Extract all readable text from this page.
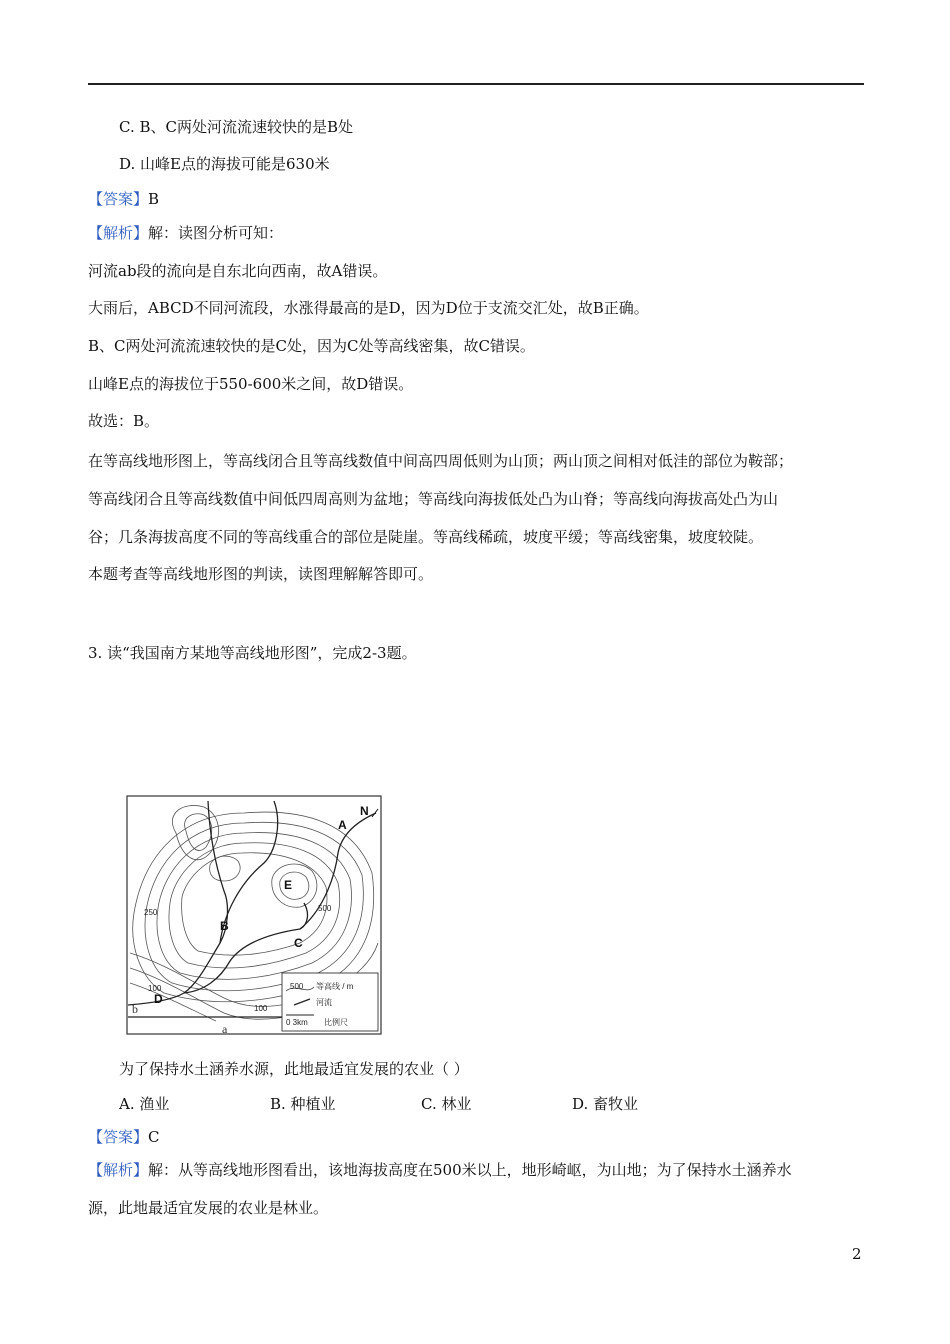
C. B、C两处河流流速较快的是B处
D. 山峰E点的海拔可能是630米
【答案】B
【解析】解：读图分析可知：
河流ab段的流向是自东北向西南，故A错误。
大雨后，ABCD不同河流段，水涨得最高的是D，因为D位于支流交汇处，故B正确。
B、C两处河流流速较快的是C处，因为C处等高线密集，故C错误。
山峰E点的海拔位于550-600米之间，故D错误。
故选：B。
在等高线地形图上，等高线闭合且等高线数值中间高四周低则为山顶；两山顶之间相对低洼的部位为鞍部；
等高线闭合且等高线数值中间低四周高则为盆地；等高线向海拔低处凸为山脊；等高线向海拔高处凸为山
谷；几条海拔高度不同的等高线重合的部位是陡崖。等高线稀疏，坡度平缓；等高线密集，坡度较陡。
本题考查等高线地形图的判读，读图理解解答即可。
3. 读“我国南方某地等高线地形图”，完成2-3题。
500 等高线 / m
河流
0 3km 比例尺
N
A
E
B
C
D
250	500
100
100
b
a
为了保持水土涵养水源，此地最适宜发展的农业（ ）
A. 渔业	B. 种植业	C. 林业	D. 畜牧业
【答案】C
【解析】解：从等高线地形图看出，该地海拔高度在500米以上，地形崎岖，为山地；为了保持水土涵养水
源，此地最适宜发展的农业是林业。
2
